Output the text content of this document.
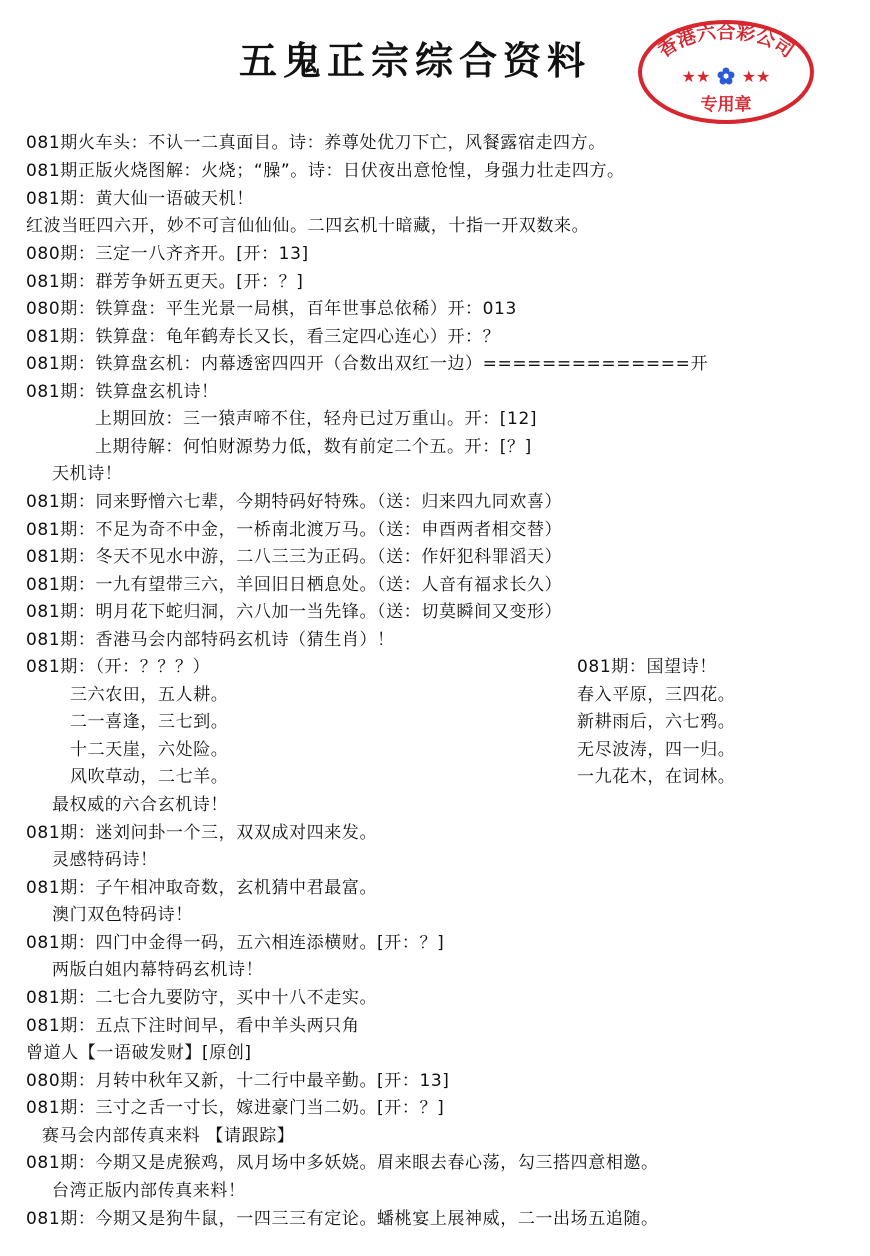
五鬼正宗综合资料	香港六合彩公司
★★ ★★
专用章
081期火车头：不认一二真面目。诗：养尊处优刀下亡，风餐露宿走四方。
081期正版火烧图解：火烧；“臊”。诗：日伏夜出意怆惶，身强力壮走四方。
081期：黄大仙一语破天机！
红波当旺四六开，妙不可言仙仙仙。二四玄机十暗藏，十指一开双数来。
080期：三定一八齐齐开。[开：13]
081期：群芳争妍五更天。[开：？]
080期：铁算盘：平生光景一局棋，百年世事总依稀）开：013
081期：铁算盘：龟年鹤寿长又长，看三定四心连心）开：？
081期：铁算盘玄机：内幕透密四四开（合数出双红一边）==============开
081期：铁算盘玄机诗！
上期回放：三一猿声啼不住，轻舟已过万重山。开：[12]
上期待解：何怕财源势力低，数有前定二个五。开：[？]
天机诗！
081期：同来野憎六七辈，今期特码好特殊。（送：归来四九同欢喜）
081期：不足为奇不中金，一桥南北渡万马。（送：申酉两者相交替）
081期：冬天不见水中游，二八三三为正码。（送：作奸犯科罪滔天）
081期：一九有望带三六，羊回旧日栖息处。（送：人音有福求长久）
081期：明月花下蛇归洞，六八加一当先锋。（送：切莫瞬间又变形）
081期：香港马会内部特码玄机诗（猜生肖）！
081期：（开：？？？）
三六农田，五人耕。
二一喜逢，三七到。
十二天崖，六处险。
风吹草动，二七羊。
最权威的六合玄机诗！
081期：迷刘问卦一个三，双双成对四来发。
灵感特码诗！
081期：子午相冲取奇数，玄机猜中君最富。
澳门双色特码诗！
081期：四门中金得一码，五六相连添横财。[开：？]
两版白姐内幕特码玄机诗！
081期：二七合九要防守，买中十八不走实。
081期：五点下注时间早，看中羊头两只角
曾道人【一语破发财】[原创]
080期：月转中秋年又新，十二行中最辛勤。[开：13]
081期：三寸之舌一寸长，嫁进豪门当二奶。[开：？]
赛马会内部传真来料 【请跟踪】
081期：今期又是虎猴鸡，凤月场中多妖娆。眉来眼去春心荡，勾三搭四意相邀。
台湾正版内部传真来料！
081期：今期又是狗牛鼠，一四三三有定论。蟠桃宴上展神威，二一出场五追随。
081期：国望诗！
春入平原，三四花。
新耕雨后，六七鸦。
无尽波涛，四一归。
一九花木，在词林。
